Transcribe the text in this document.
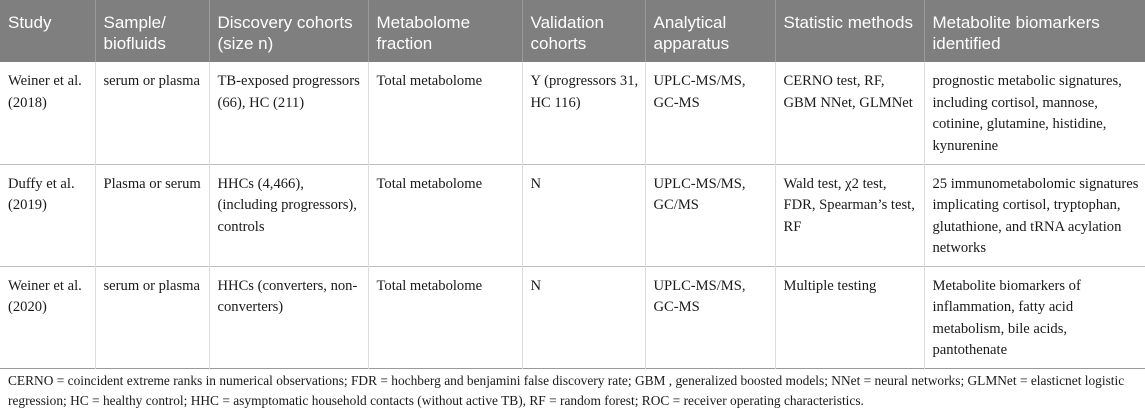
Study	Sample/ biofluids	Discovery cohorts (size n)	Metabolome fraction	Validation cohorts	Analytical apparatus	Statistic methods	Metabolite biomarkers identified
Weiner et al. (2018)	serum or plasma	TB-exposed progressors (66), HC (211)	Total metabolome	Y (progressors 31, HC 116)	UPLC-MS/MS, GC-MS	CERNO test, RF, GBM NNet, GLMNet	prognostic metabolic signatures, including cortisol, mannose, cotinine, glutamine, histidine, kynurenine
Duffy et al. (2019)	Plasma or serum	HHCs (4,466), (including progressors), controls	Total metabolome	N	UPLC-MS/MS, GC/MS	Wald test, χ2 test, FDR, Spearman’s test, RF	25 immunometabolomic signatures implicating cortisol, tryptophan, glutathione, and tRNA acylation networks
Weiner et al. (2020)	serum or plasma	HHCs (converters, non-converters)	Total metabolome	N	UPLC-MS/MS, GC-MS	Multiple testing	Metabolite biomarkers of inflammation, fatty acid metabolism, bile acids, pantothenate
CERNO = coincident extreme ranks in numerical observations; FDR = hochberg and benjamini false discovery rate; GBM , generalized boosted models; NNet = neural networks; GLMNet = elasticnet logistic regression; HC = healthy control; HHC = asymptomatic household contacts (without active TB), RF = random forest; ROC = receiver operating characteristics.
